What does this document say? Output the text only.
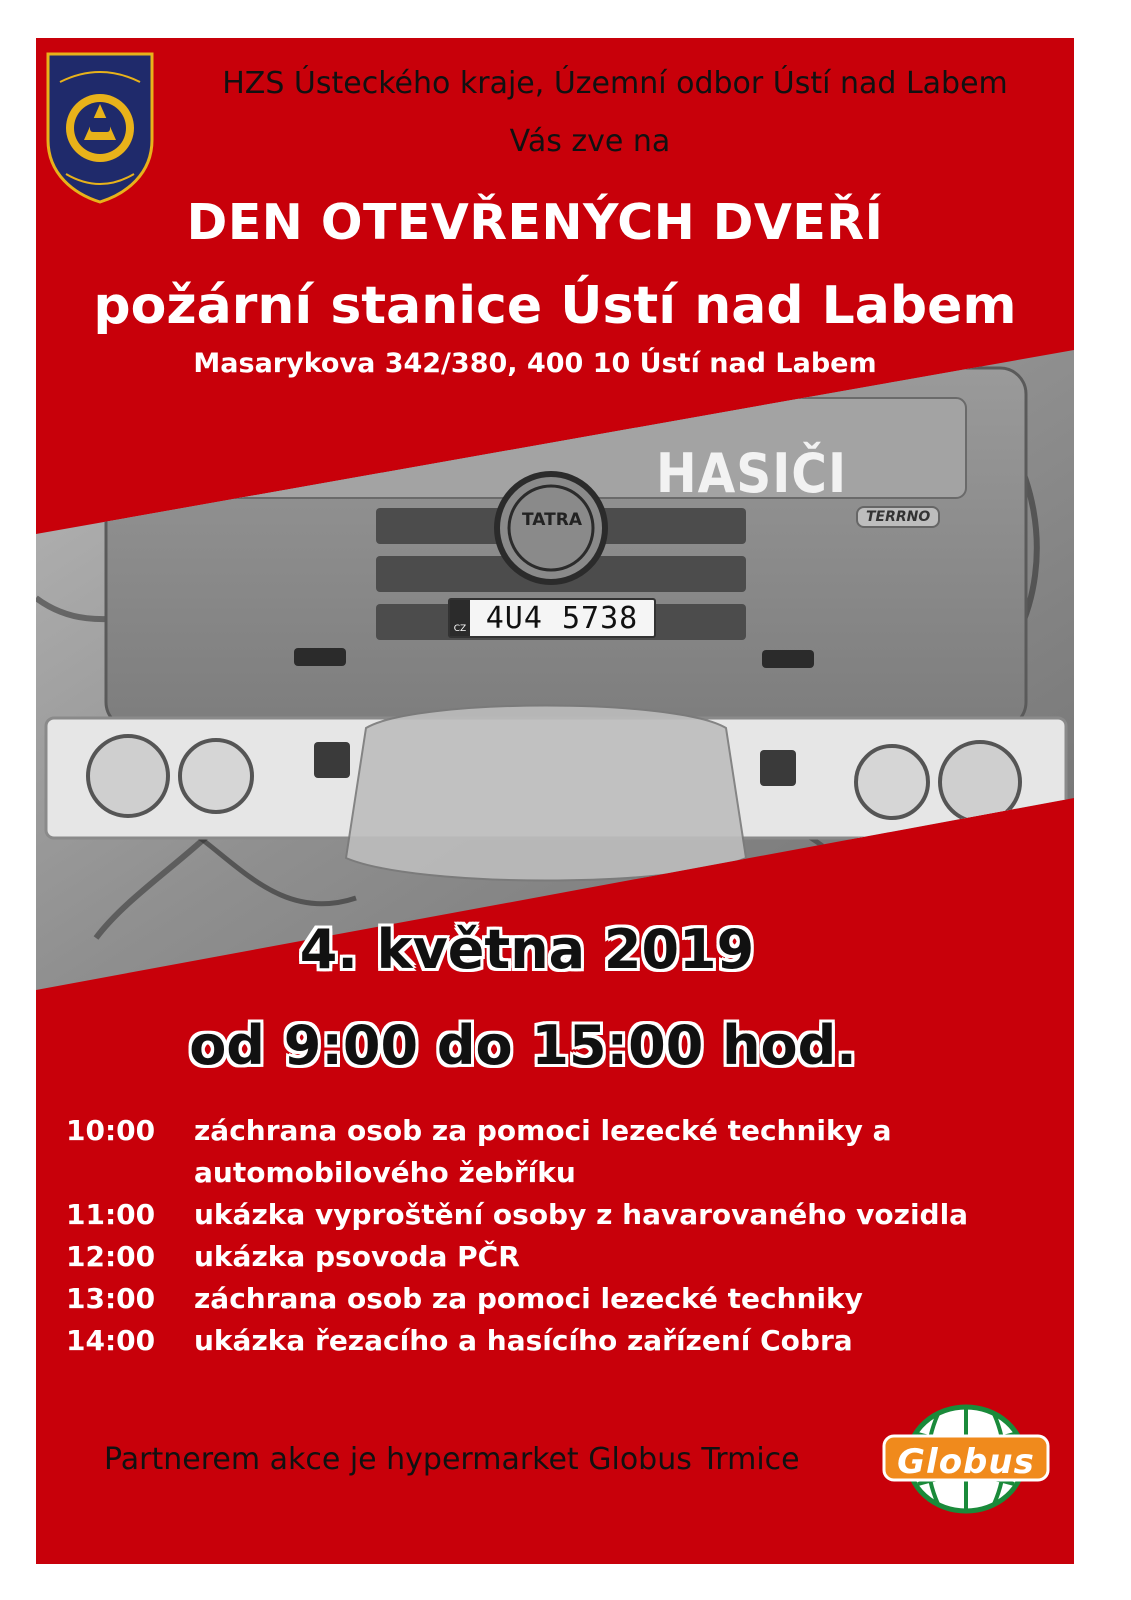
HASIČI
TATRA	TERRNO
CZ 4U4 5738
HZS Ústeckého kraje, Územní odbor Ústí nad Labem
Vás zve na
DEN OTEVŘENÝCH DVEŘÍ
požární stanice Ústí nad Labem
Masarykova 342/380, 400 10 Ústí nad Labem
4. května 2019
od 9:00 do 15:00 hod.
10:00	záchrana osob za pomoci lezecké techniky a automobilového žebříku
11:00	ukázka vyproštění osoby z havarovaného vozidla
12:00	ukázka psovoda PČR
13:00	záchrana osob za pomoci lezecké techniky
14:00	ukázka řezacího a hasícího zařízení Cobra
Partnerem akce je hypermarket Globus Trmice	Globus
